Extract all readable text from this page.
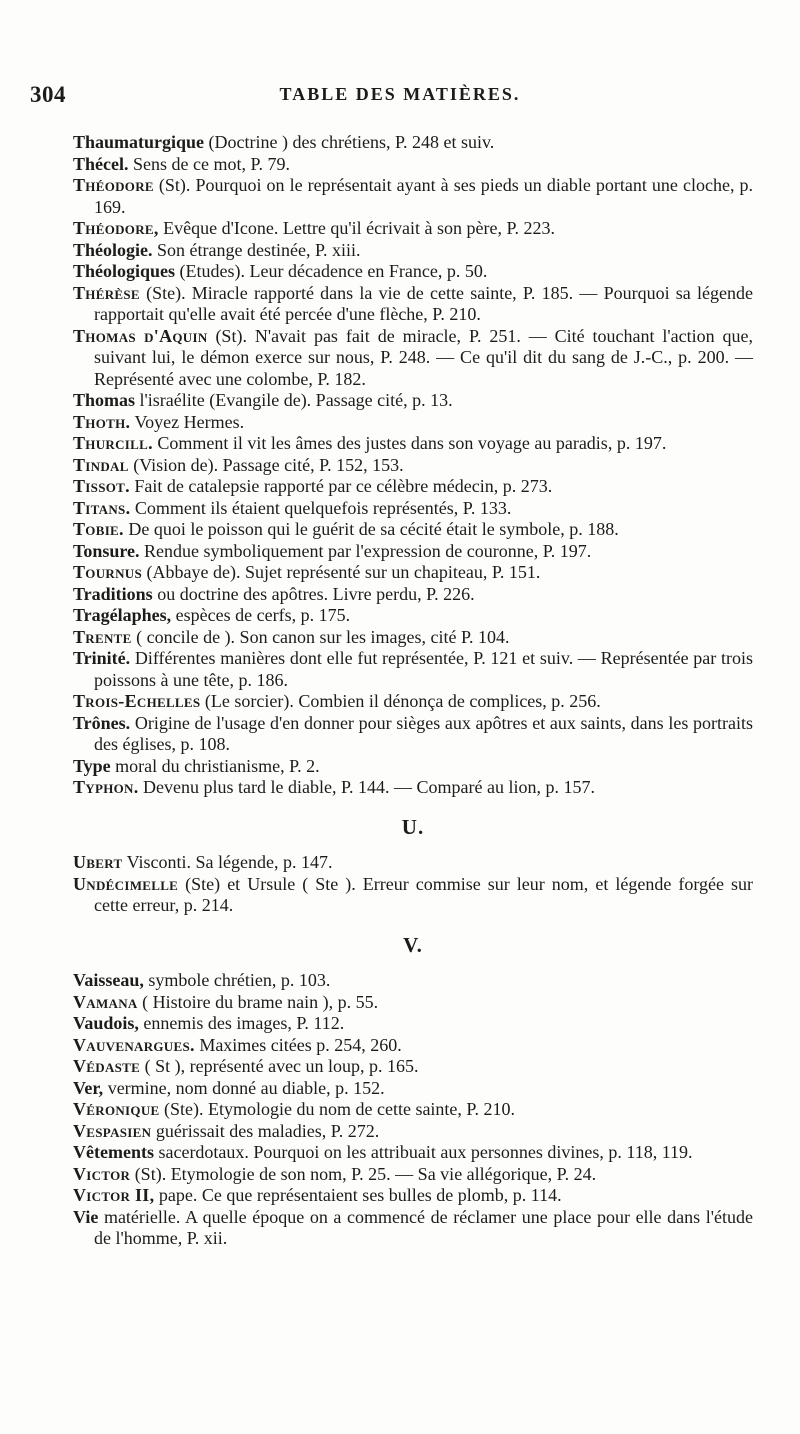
304	TABLE DES MATIÈRES.

Thaumaturgique (Doctrine ) des chrétiens, P. 248 et suiv.

Thécel. Sens de ce mot, P. 79.

Théodore (St). Pourquoi on le représentait ayant à ses pieds un diable portant une cloche, p. 169.

Théodore, Evêque d'Icone. Lettre qu'il écrivait à son père, P. 223.

Théologie. Son étrange destinée, P. xiii.

Théologiques (Etudes). Leur décadence en France, p. 50.

Thérèse (Ste). Miracle rapporté dans la vie de cette sainte, P. 185. — Pourquoi sa légende rapportait qu'elle avait été percée d'une flèche, P. 210.

Thomas d'Aquin (St). N'avait pas fait de miracle, P. 251. — Cité touchant l'action que, suivant lui, le démon exerce sur nous, P. 248. — Ce qu'il dit du sang de J.-C., p. 200. — Représenté avec une colombe, P. 182.

Thomas l'israélite (Evangile de). Passage cité, p. 13.

Thoth. Voyez Hermes.

Thurcill. Comment il vit les âmes des justes dans son voyage au paradis, p. 197.

Tindal (Vision de). Passage cité, P. 152, 153.

Tissot. Fait de catalepsie rapporté par ce célèbre médecin, p. 273.

Titans. Comment ils étaient quelquefois représentés, P. 133.

Tobie. De quoi le poisson qui le guérit de sa cécité était le symbole, p. 188.

Tonsure. Rendue symboliquement par l'expression de couronne, P. 197.

Tournus (Abbaye de). Sujet représenté sur un chapiteau, P. 151.

Traditions ou doctrine des apôtres. Livre perdu, P. 226.

Tragélaphes, espèces de cerfs, p. 175.

Trente ( concile de ). Son canon sur les images, cité P. 104.

Trinité. Différentes manières dont elle fut représentée, P. 121 et suiv. — Représentée par trois poissons à une tête, p. 186.

Trois-Echelles (Le sorcier). Combien il dénonça de complices, p. 256.

Trônes. Origine de l'usage d'en donner pour sièges aux apôtres et aux saints, dans les portraits des églises, p. 108.

Type moral du christianisme, P. 2.

Typhon. Devenu plus tard le diable, P. 144. — Comparé au lion, p. 157.

U.

Ubert Visconti. Sa légende, p. 147.

Undécimelle (Ste) et Ursule ( Ste ). Erreur commise sur leur nom, et légende forgée sur cette erreur, p. 214.

V.

Vaisseau, symbole chrétien, p. 103.

Vamana ( Histoire du brame nain ), p. 55.

Vaudois, ennemis des images, P. 112.

Vauvenargues. Maximes citées p. 254, 260.

Védaste ( St ), représenté avec un loup, p. 165.

Ver, vermine, nom donné au diable, p. 152.

Véronique (Ste). Etymologie du nom de cette sainte, P. 210.

Vespasien guérissait des maladies, P. 272.

Vêtements sacerdotaux. Pourquoi on les attribuait aux personnes divines, p. 118, 119.

Victor (St). Etymologie de son nom, P. 25. — Sa vie allégorique, P. 24.

Victor II, pape. Ce que représentaient ses bulles de plomb, p. 114.

Vie matérielle. A quelle époque on a commencé de réclamer une place pour elle dans l'étude de l'homme, P. xii.
